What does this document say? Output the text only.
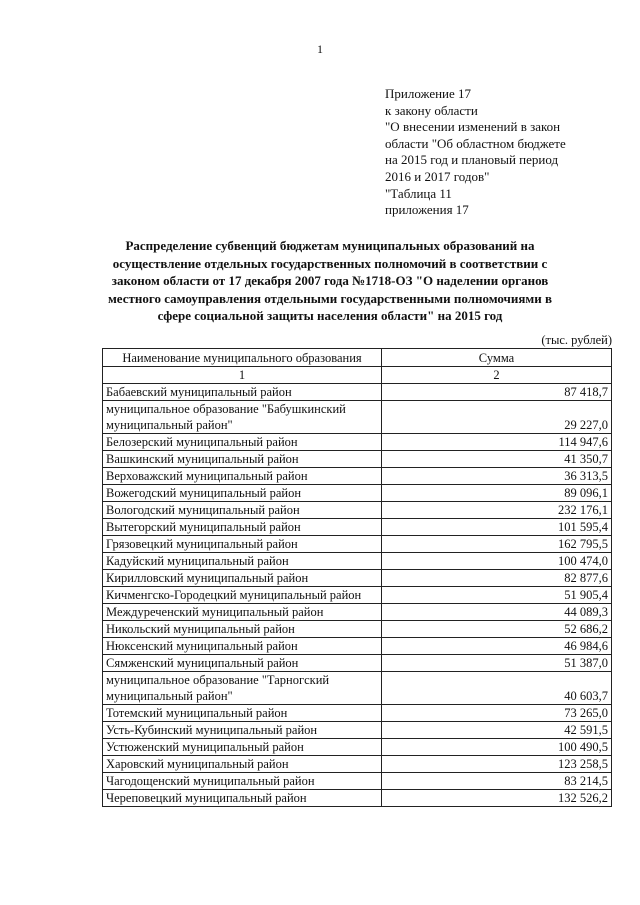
1
Приложение 17
к закону области
"О внесении изменений в закон
области "Об областном бюджете
на 2015 год и плановый период
2016 и 2017 годов"
"Таблица 11
приложения 17
Распределение субвенций бюджетам муниципальных образований на осуществление отдельных государственных полномочий в соответствии с законом области от 17 декабря 2007 года №1718-ОЗ "О наделении органов местного самоуправления отдельными государственными полномочиями в сфере социальной защиты населения области" на 2015 год
(тыс. рублей)
Наименование муниципального образования	Сумма
1	2
Бабаевский муниципальный район	87 418,7
муниципальное образование "Бабушкинский муниципальный район"	29 227,0
Белозерский муниципальный район	114 947,6
Вашкинский муниципальный район	41 350,7
Верховажский муниципальный район	36 313,5
Вожегодский муниципальный район	89 096,1
Вологодский муниципальный район	232 176,1
Вытегорский муниципальный район	101 595,4
Грязовецкий муниципальный район	162 795,5
Кадуйский муниципальный район	100 474,0
Кирилловский муниципальный район	82 877,6
Кичменгско-Городецкий муниципальный район	51 905,4
Междуреченский муниципальный район	44 089,3
Никольский муниципальный район	52 686,2
Нюксенский муниципальный район	46 984,6
Сямженский муниципальный район	51 387,0
муниципальное образование "Тарногский муниципальный район"	40 603,7
Тотемский муниципальный район	73 265,0
Усть-Кубинский муниципальный район	42 591,5
Устюженский муниципальный район	100 490,5
Харовский муниципальный район	123 258,5
Чагодощенский муниципальный район	83 214,5
Череповецкий муниципальный район	132 526,2
